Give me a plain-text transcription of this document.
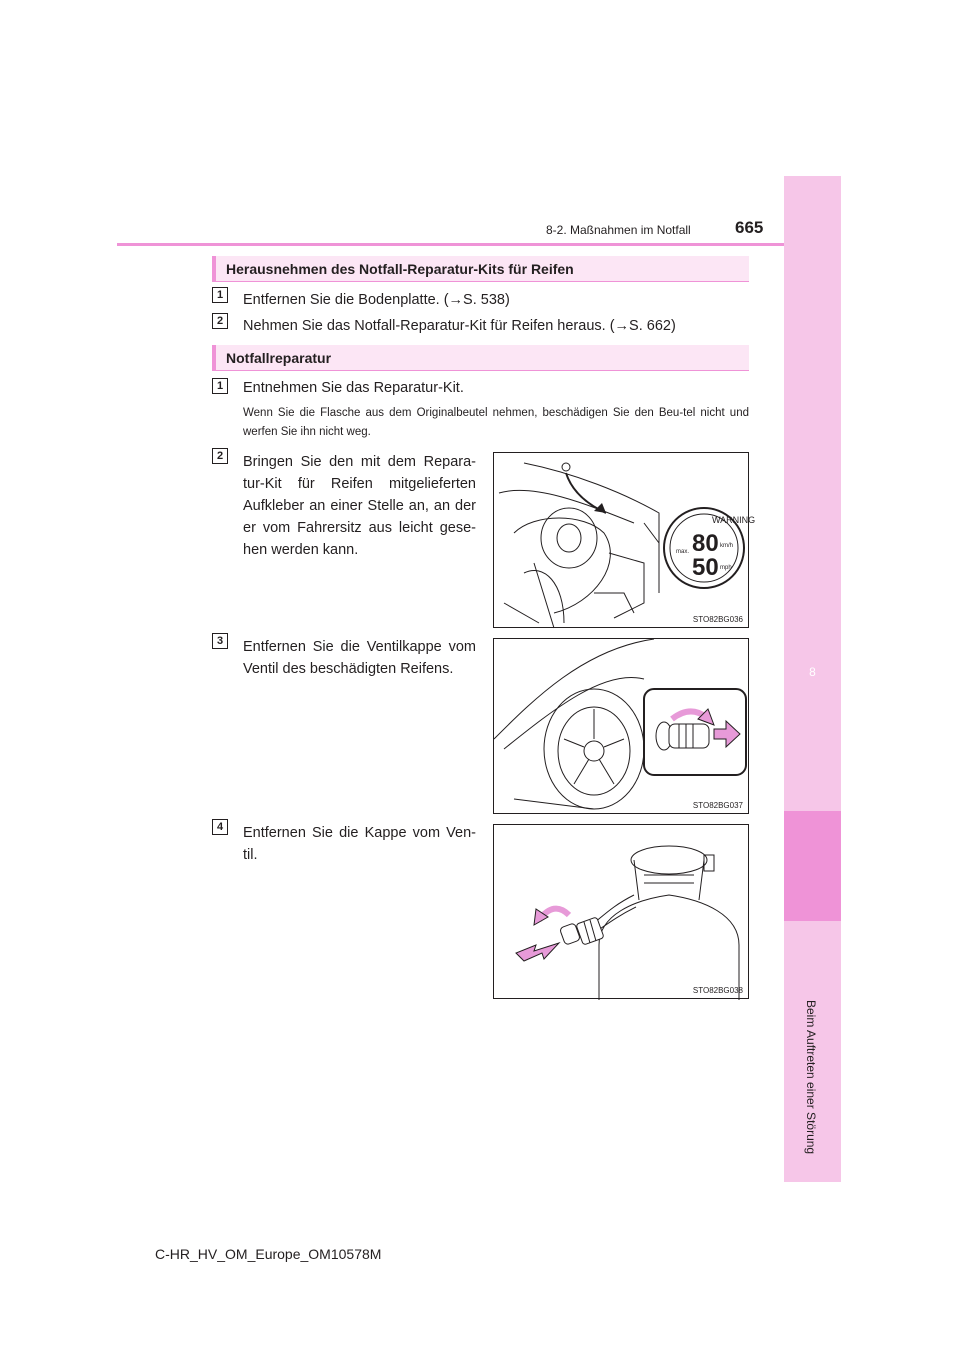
8
Beim Auftreten einer Störung
8-2. Maßnahmen im Notfall	665
Herausnehmen des Notfall-Reparatur-Kits für Reifen
1	Entfernen Sie die Bodenplatte. (→S. 538)
2	Nehmen Sie das Notfall-Reparatur-Kit für Reifen heraus. (→S. 662)
Notfallreparatur
1	Entnehmen Sie das Reparatur-Kit.
Wenn Sie die Flasche aus dem Originalbeutel nehmen, beschädigen Sie den Beu-tel nicht und werfen Sie ihn nicht weg.
2	Bringen Sie den mit dem Repara-tur-Kit für Reifen mitgelieferten Aufkleber an einer Stelle an, an der er vom Fahrersitz aus leicht gese-hen werden kann.
WARNING
80
50
km/h
mph
max.
STO82BG036
3	Entfernen Sie die Ventilkappe vom Ventil des beschädigten Reifens.
STO82BG037
4	Entfernen Sie die Kappe vom Ven-til.
STO82BG038
C-HR_HV_OM_Europe_OM10578M
